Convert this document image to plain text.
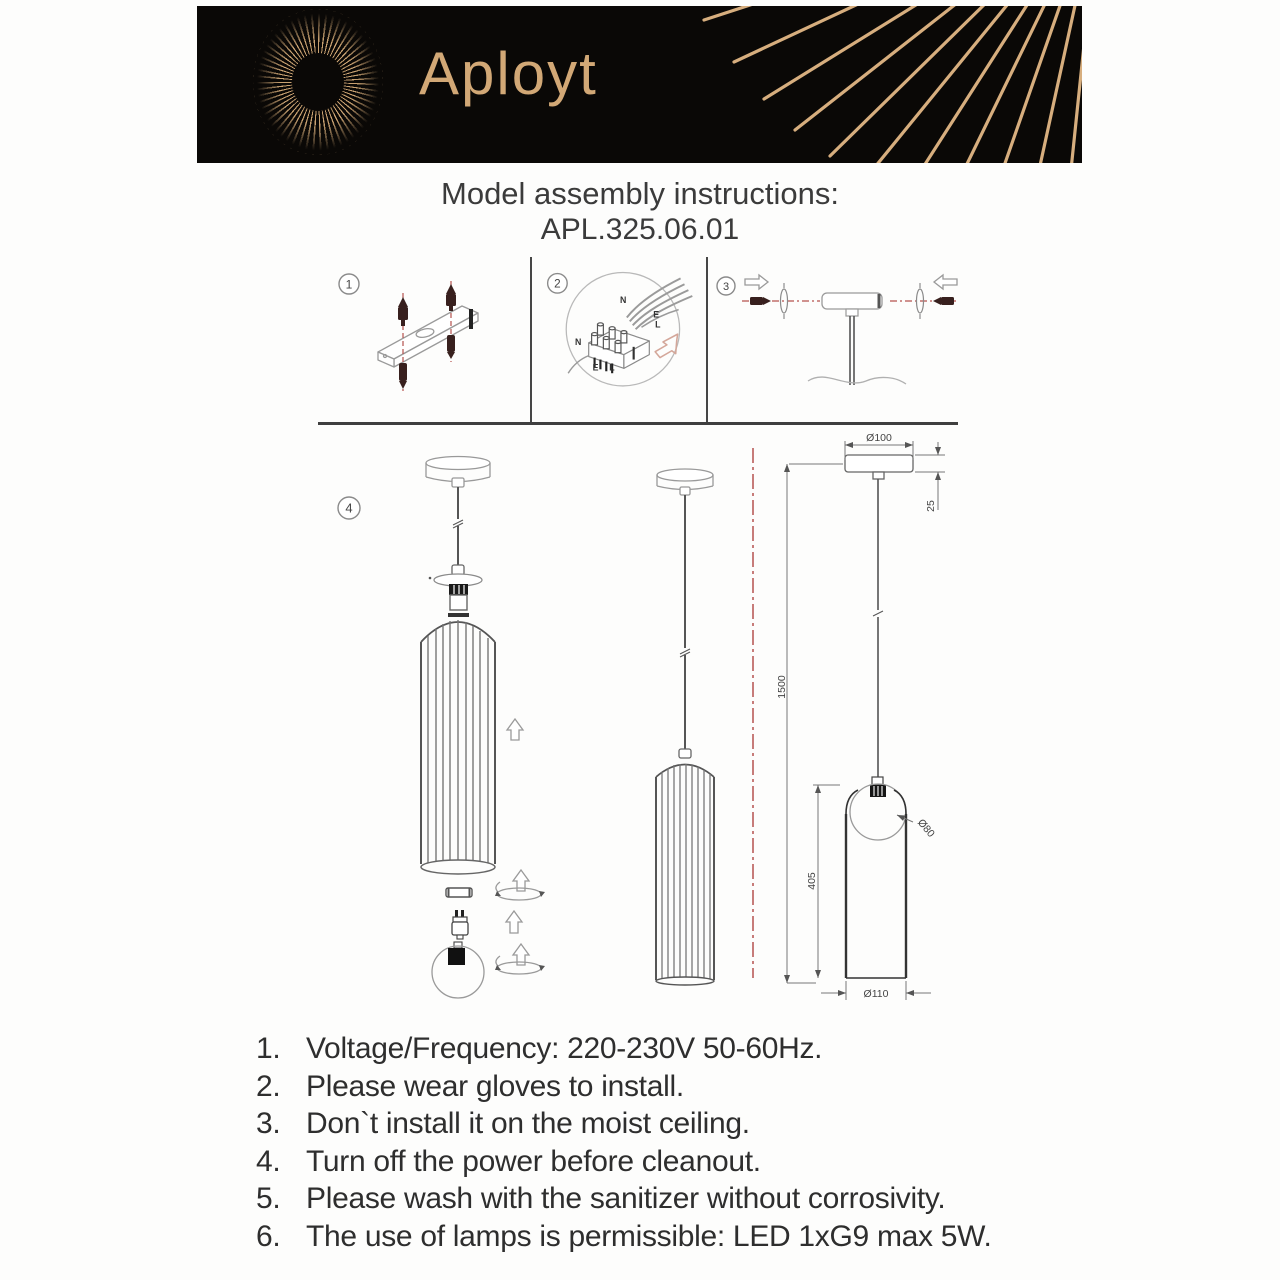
Aployt
Model assembly instructions:
APL.325.06.01
1	2
N
E
L
N
E L
3
4
Ø100
25
1500
405
Ø80
Ø110
1. Voltage/Frequency: 220-230V 50-60Hz.
2. Please wear gloves to install.
3. Don`t install it on the moist ceiling.
4. Turn off the power before cleanout.
5. Please wash with the sanitizer without corrosivity.
6. The use of lamps is permissible: LED 1xG9 max 5W.
